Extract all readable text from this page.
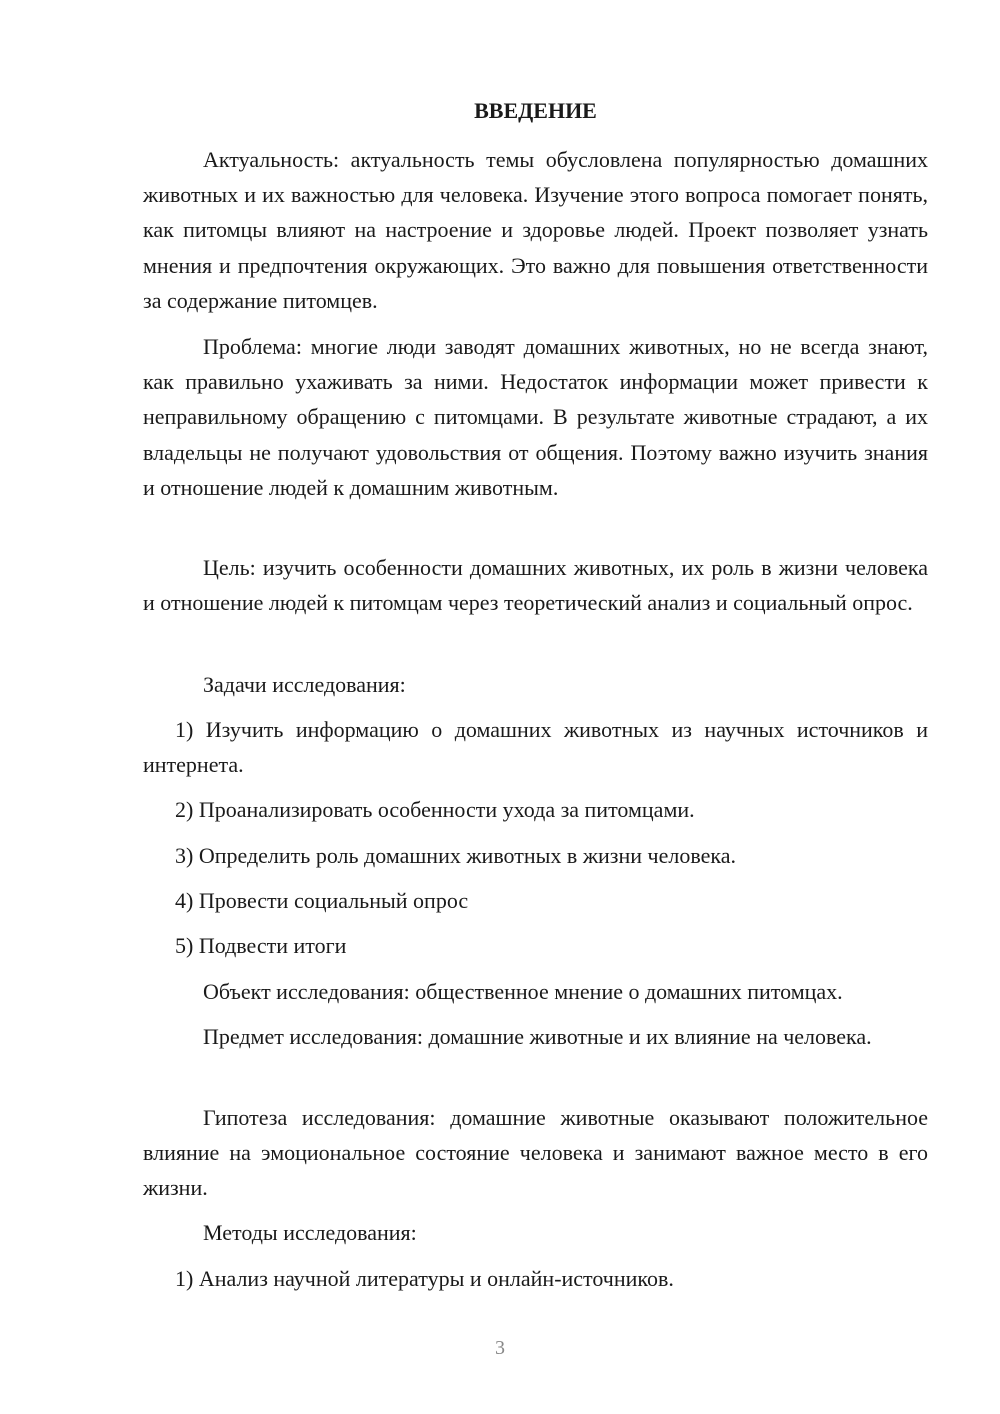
ВВЕДЕНИЕ

Актуальность: актуальность темы обусловлена популярностью домашних животных и их важностью для человека. Изучение этого вопроса помогает понять, как питомцы влияют на настроение и здоровье людей. Проект позволяет узнать мнения и предпочтения окружающих. Это важно для повышения ответственности за содержание питомцев.

Проблема: многие люди заводят домашних животных, но не всегда знают, как правильно ухаживать за ними. Недостаток информации может привести к неправильному обращению с питомцами. В результате животные страдают, а их владельцы не получают удовольствия от общения. Поэтому важно изучить знания и отношение людей к домашним животным.

Цель: изучить особенности домашних животных, их роль в жизни человека и отношение людей к питомцам через теоретический анализ и социальный опрос.

Задачи исследования:

1) Изучить информацию о домашних животных из научных источников и интернета.

2) Проанализировать особенности ухода за питомцами.

3) Определить роль домашних животных в жизни человека.

4) Провести социальный опрос

5) Подвести итоги

Объект исследования: общественное мнение о домашних питомцах.

Предмет исследования: домашние животные и их влияние на человека.

Гипотеза исследования: домашние животные оказывают положительное влияние на эмоциональное состояние человека и занимают важное место в его жизни.

Методы исследования:

1) Анализ научной литературы и онлайн-источников.

3
